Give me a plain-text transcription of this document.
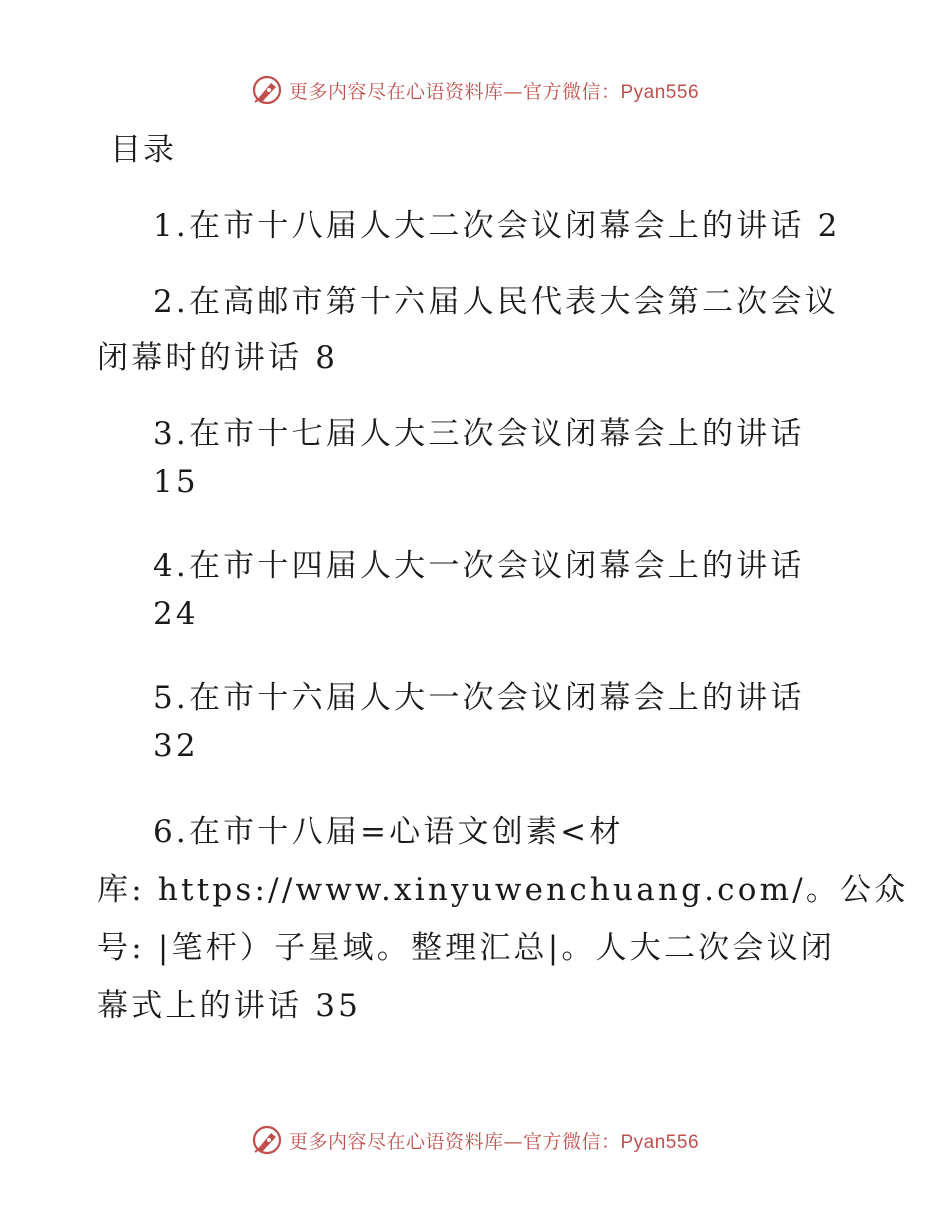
更多内容尽在心语资料库—官方微信：Pyan556
目录
1.在市十八届人大二次会议闭幕会上的讲话 2
2.在高邮市第十六届人民代表大会第二次会议
闭幕时的讲话 8
3.在市十七届人大三次会议闭幕会上的讲话
15
4.在市十四届人大一次会议闭幕会上的讲话
24
5.在市十六届人大一次会议闭幕会上的讲话
32
6.在市十八届=心语文创素<材
库: https://www.xinyuwenchuang.com/。公众
号: |笔杆）子星域。整理汇总|。人大二次会议闭
幕式上的讲话 35
更多内容尽在心语资料库—官方微信：Pyan556
